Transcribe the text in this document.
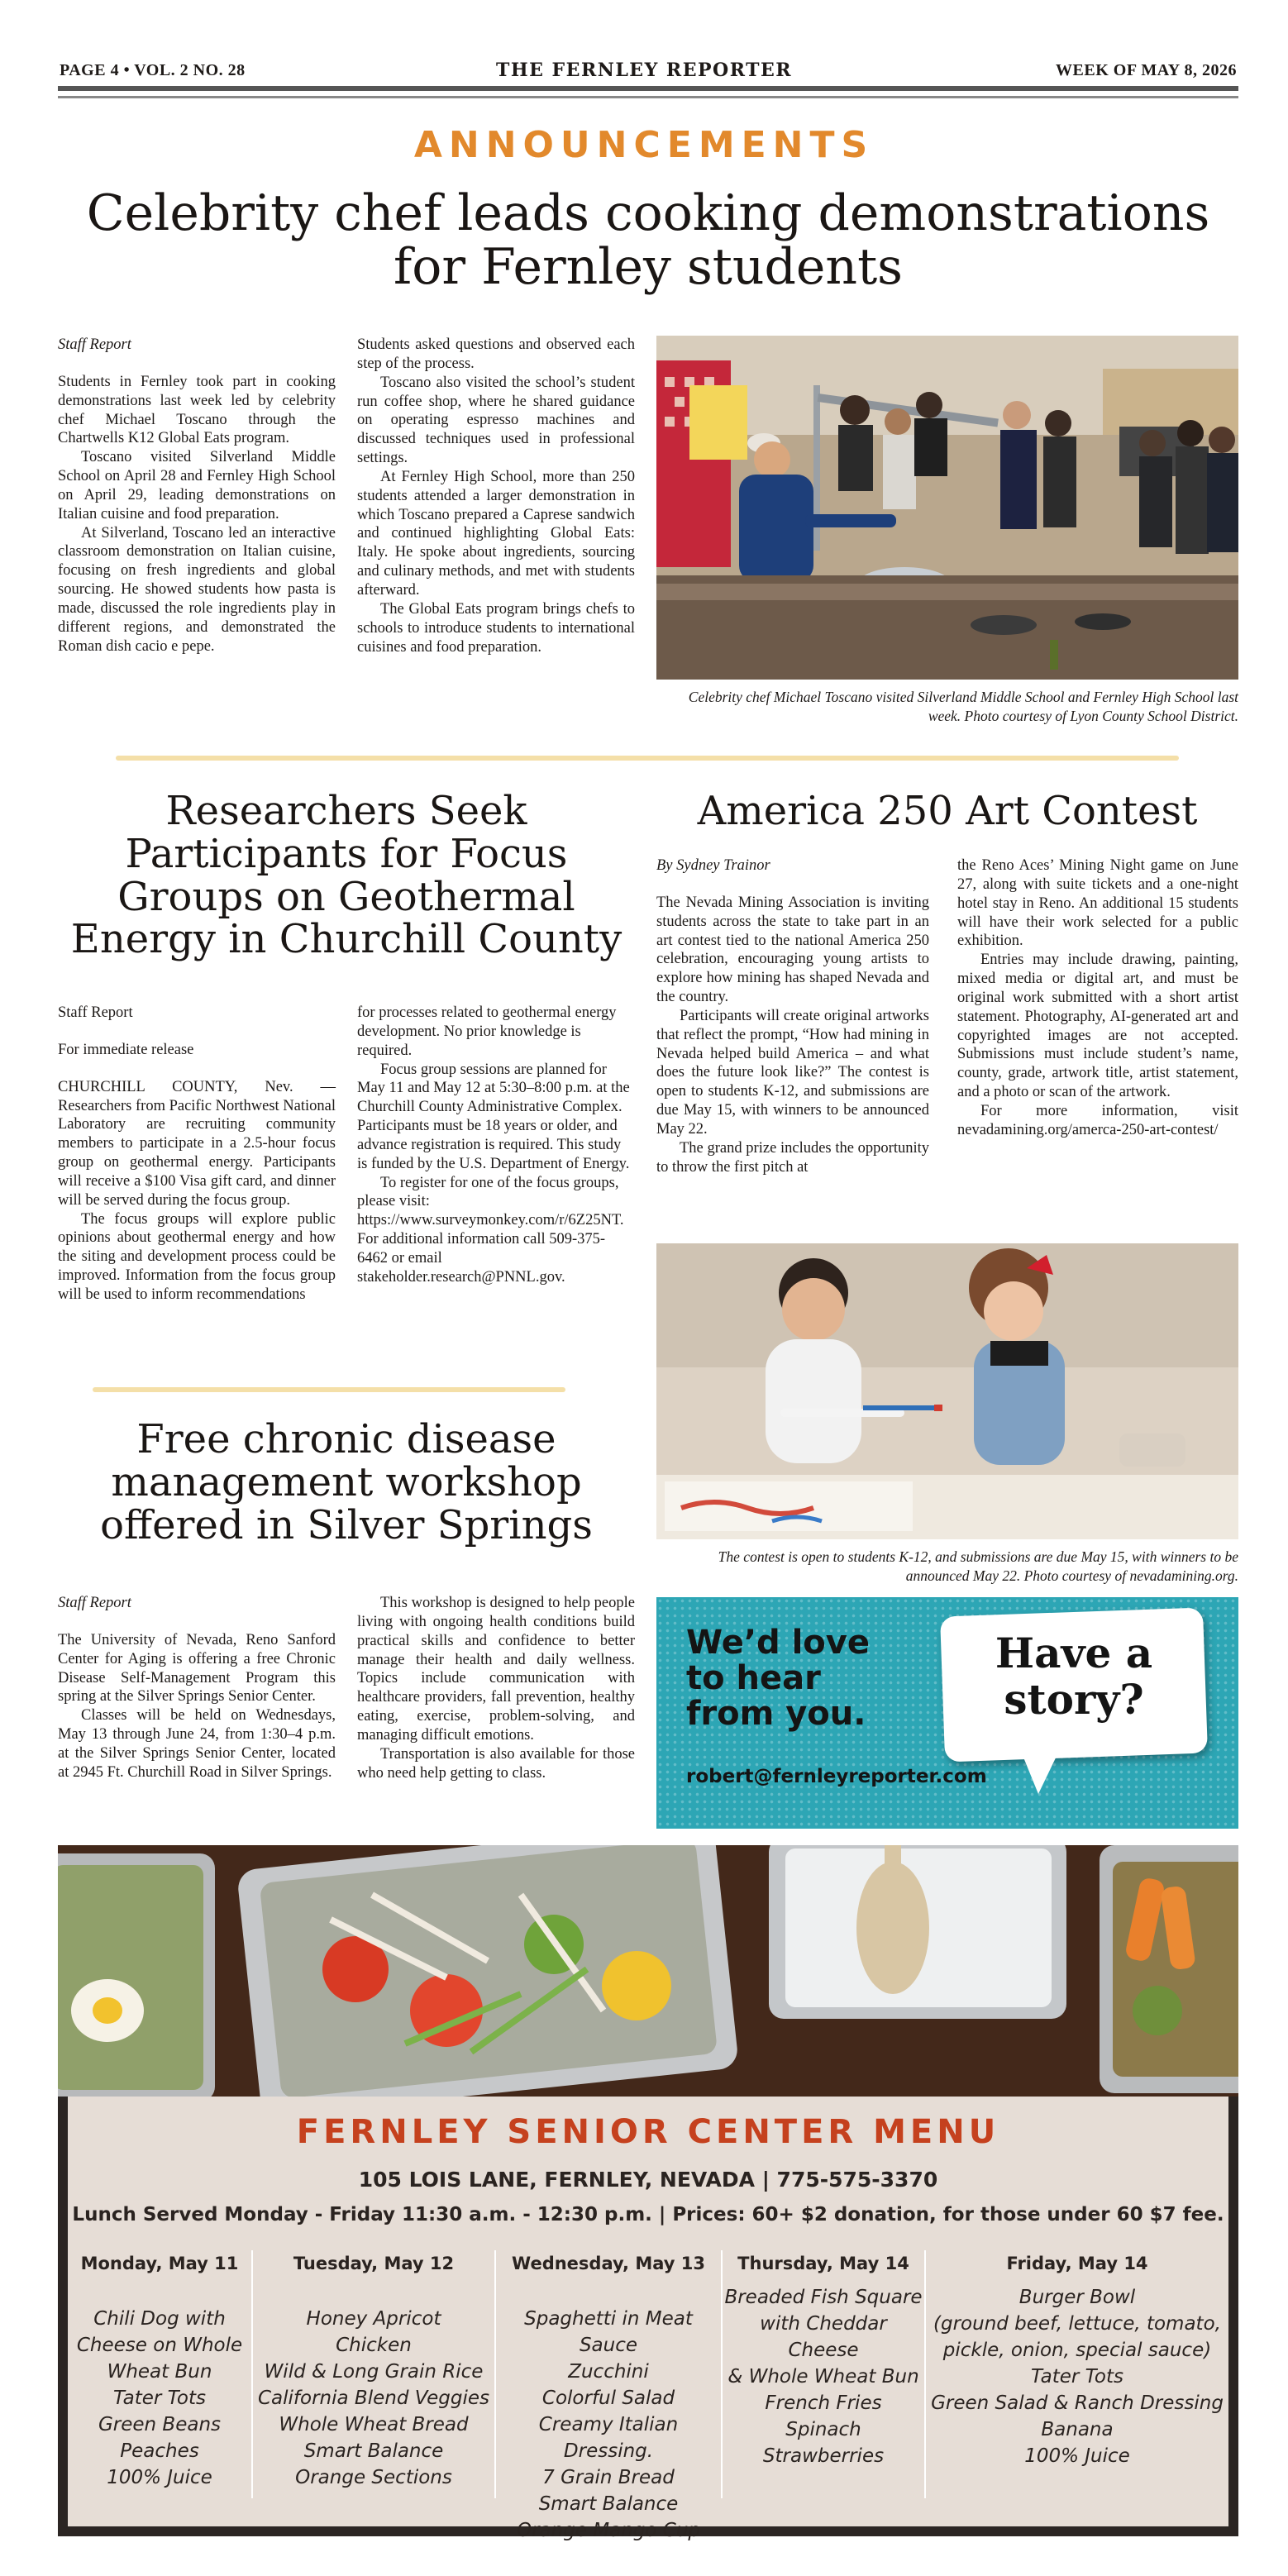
PAGE 4 • VOL. 2 NO. 28	THE FERNLEY REPORTER	WEEK OF MAY 8, 2026
ANNOUNCEMENTS
Celebrity chef leads cooking demonstrations for Fernley students

Staff Report

Students in Fernley took part in cooking demonstrations last week led by celebrity chef Michael Toscano through the Chartwells K12 Global Eats program.

Toscano visited Silverland Middle School on April 28 and Fernley High School on April 29, leading demonstrations on Italian cuisine and food preparation.

At Silverland, Toscano led an interactive classroom demonstration on Italian cuisine, focusing on fresh ingredients and global sourcing. He showed students how pasta is made, discussed the role ingredients play in different regions, and demonstrated the Roman dish cacio e pepe.

Students asked questions and observed each step of the process.

Toscano also visited the school’s student run coffee shop, where he shared guidance on operating espresso machines and discussed techniques used in professional settings.

At Fernley High School, more than 250 students attended a larger demonstration in which Toscano prepared a Caprese sandwich and continued highlighting Global Eats: Italy. He spoke about ingredients, sourcing and culinary methods, and met with students afterward.

The Global Eats program brings chefs to schools to introduce students to international cuisines and food preparation.

Celebrity chef Michael Toscano visited Silverland Middle School and Fernley High School last week. Photo courtesy of Lyon County School District.
Researchers Seek Participants for Focus Groups on Geothermal Energy in Churchill County

Staff Report

For immediate release

CHURCHILL COUNTY, Nev. — Researchers from Pacific Northwest National Laboratory are recruiting community members to participate in a 2.5-hour focus group on geothermal energy. Participants will receive a $100 Visa gift card, and dinner will be served during the focus group.

The focus groups will explore public opinions about geothermal energy and how the siting and development process could be improved. Information from the focus group will be used to inform recommendations

for processes related to geothermal energy development. No prior knowledge is required.

Focus group sessions are planned for May 11 and May 12 at 5:30–8:00 p.m. at the Churchill County Administrative Complex. Participants must be 18 years or older, and advance registration is required. This study is funded by the U.S. Department of Energy.

To register for one of the focus groups, please visit: https://www.surveymonkey.com/r/6Z25NT.

For additional information call 509-375-6462 or email stakeholder.research@PNNL.gov.

America 250 Art Contest

By Sydney Trainor

The Nevada Mining Association is inviting students across the state to take part in an art contest tied to the national America 250 celebration, encouraging young artists to explore how mining has shaped Nevada and the country.

Participants will create original artworks that reflect the prompt, “How had mining in Nevada helped build America – and what does the future look like?” The contest is open to students K-12, and submissions are due May 15, with winners to be announced May 22.

The grand prize includes the opportunity to throw the first pitch at

the Reno Aces’ Mining Night game on June 27, along with suite tickets and a one-night hotel stay in Reno. An additional 15 students will have their work selected for a public exhibition.

Entries may include drawing, painting, mixed media or digital art, and must be original work submitted with a short artist statement. Photography, AI-generated art and copyrighted images are not accepted. Submissions must include student’s name, county, grade, artwork title, artist statement, and a photo or scan of the artwork.

For more information, visit nevadamining.org/amerca-250-art-contest/

The contest is open to students K-12, and submissions are due May 15, with winners to be announced May 22. Photo courtesy of nevadamining.org.
Free chronic disease management workshop offered in Silver Springs

Staff Report

The University of Nevada, Reno Sanford Center for Aging is offering a free Chronic Disease Self-Management Program this spring at the Silver Springs Senior Center.

Classes will be held on Wednesdays, May 13 through June 24, from 1:30–4 p.m. at the Silver Springs Senior Center, located at 2945 Ft. Churchill Road in Silver Springs.

This workshop is designed to help people living with ongoing health conditions build practical skills and confidence to better manage their health and daily wellness. Topics include communication with healthcare providers, fall prevention, healthy eating, exercise, problem-solving, and managing difficult emotions.

Transportation is also available for those who need help getting to class.

We’d love
to hear
from you.
robert@fernleyreporter.com
Have a
story?
FERNLEY SENIOR CENTER MENU
105 LOIS LANE, FERNLEY, NEVADA | 775-575-3370
Lunch Served Monday - Friday 11:30 a.m. - 12:30 p.m. | Prices: 60+ $2 donation, for those under 60 $7 fee.
Monday, May 11
Chili Dog with
Cheese on Whole
Wheat Bun
Tater Tots
Green Beans
Peaches
100% Juice
Tuesday, May 12
Honey Apricot
Chicken
Wild & Long Grain Rice
California Blend Veggies
Whole Wheat Bread
Smart Balance
Orange Sections
Wednesday, May 13
Spaghetti in Meat Sauce
Zucchini
Colorful Salad
Creamy Italian Dressing.
7 Grain Bread
Smart Balance
Orange Mango Cup
Thursday, May 14
Breaded Fish Square
with Cheddar Cheese
& Whole Wheat Bun
French Fries
Spinach
Strawberries
Friday, May 14
Burger Bowl
(ground beef, lettuce, tomato,
pickle, onion, special sauce)
Tater Tots
Green Salad & Ranch Dressing
Banana
100% Juice
